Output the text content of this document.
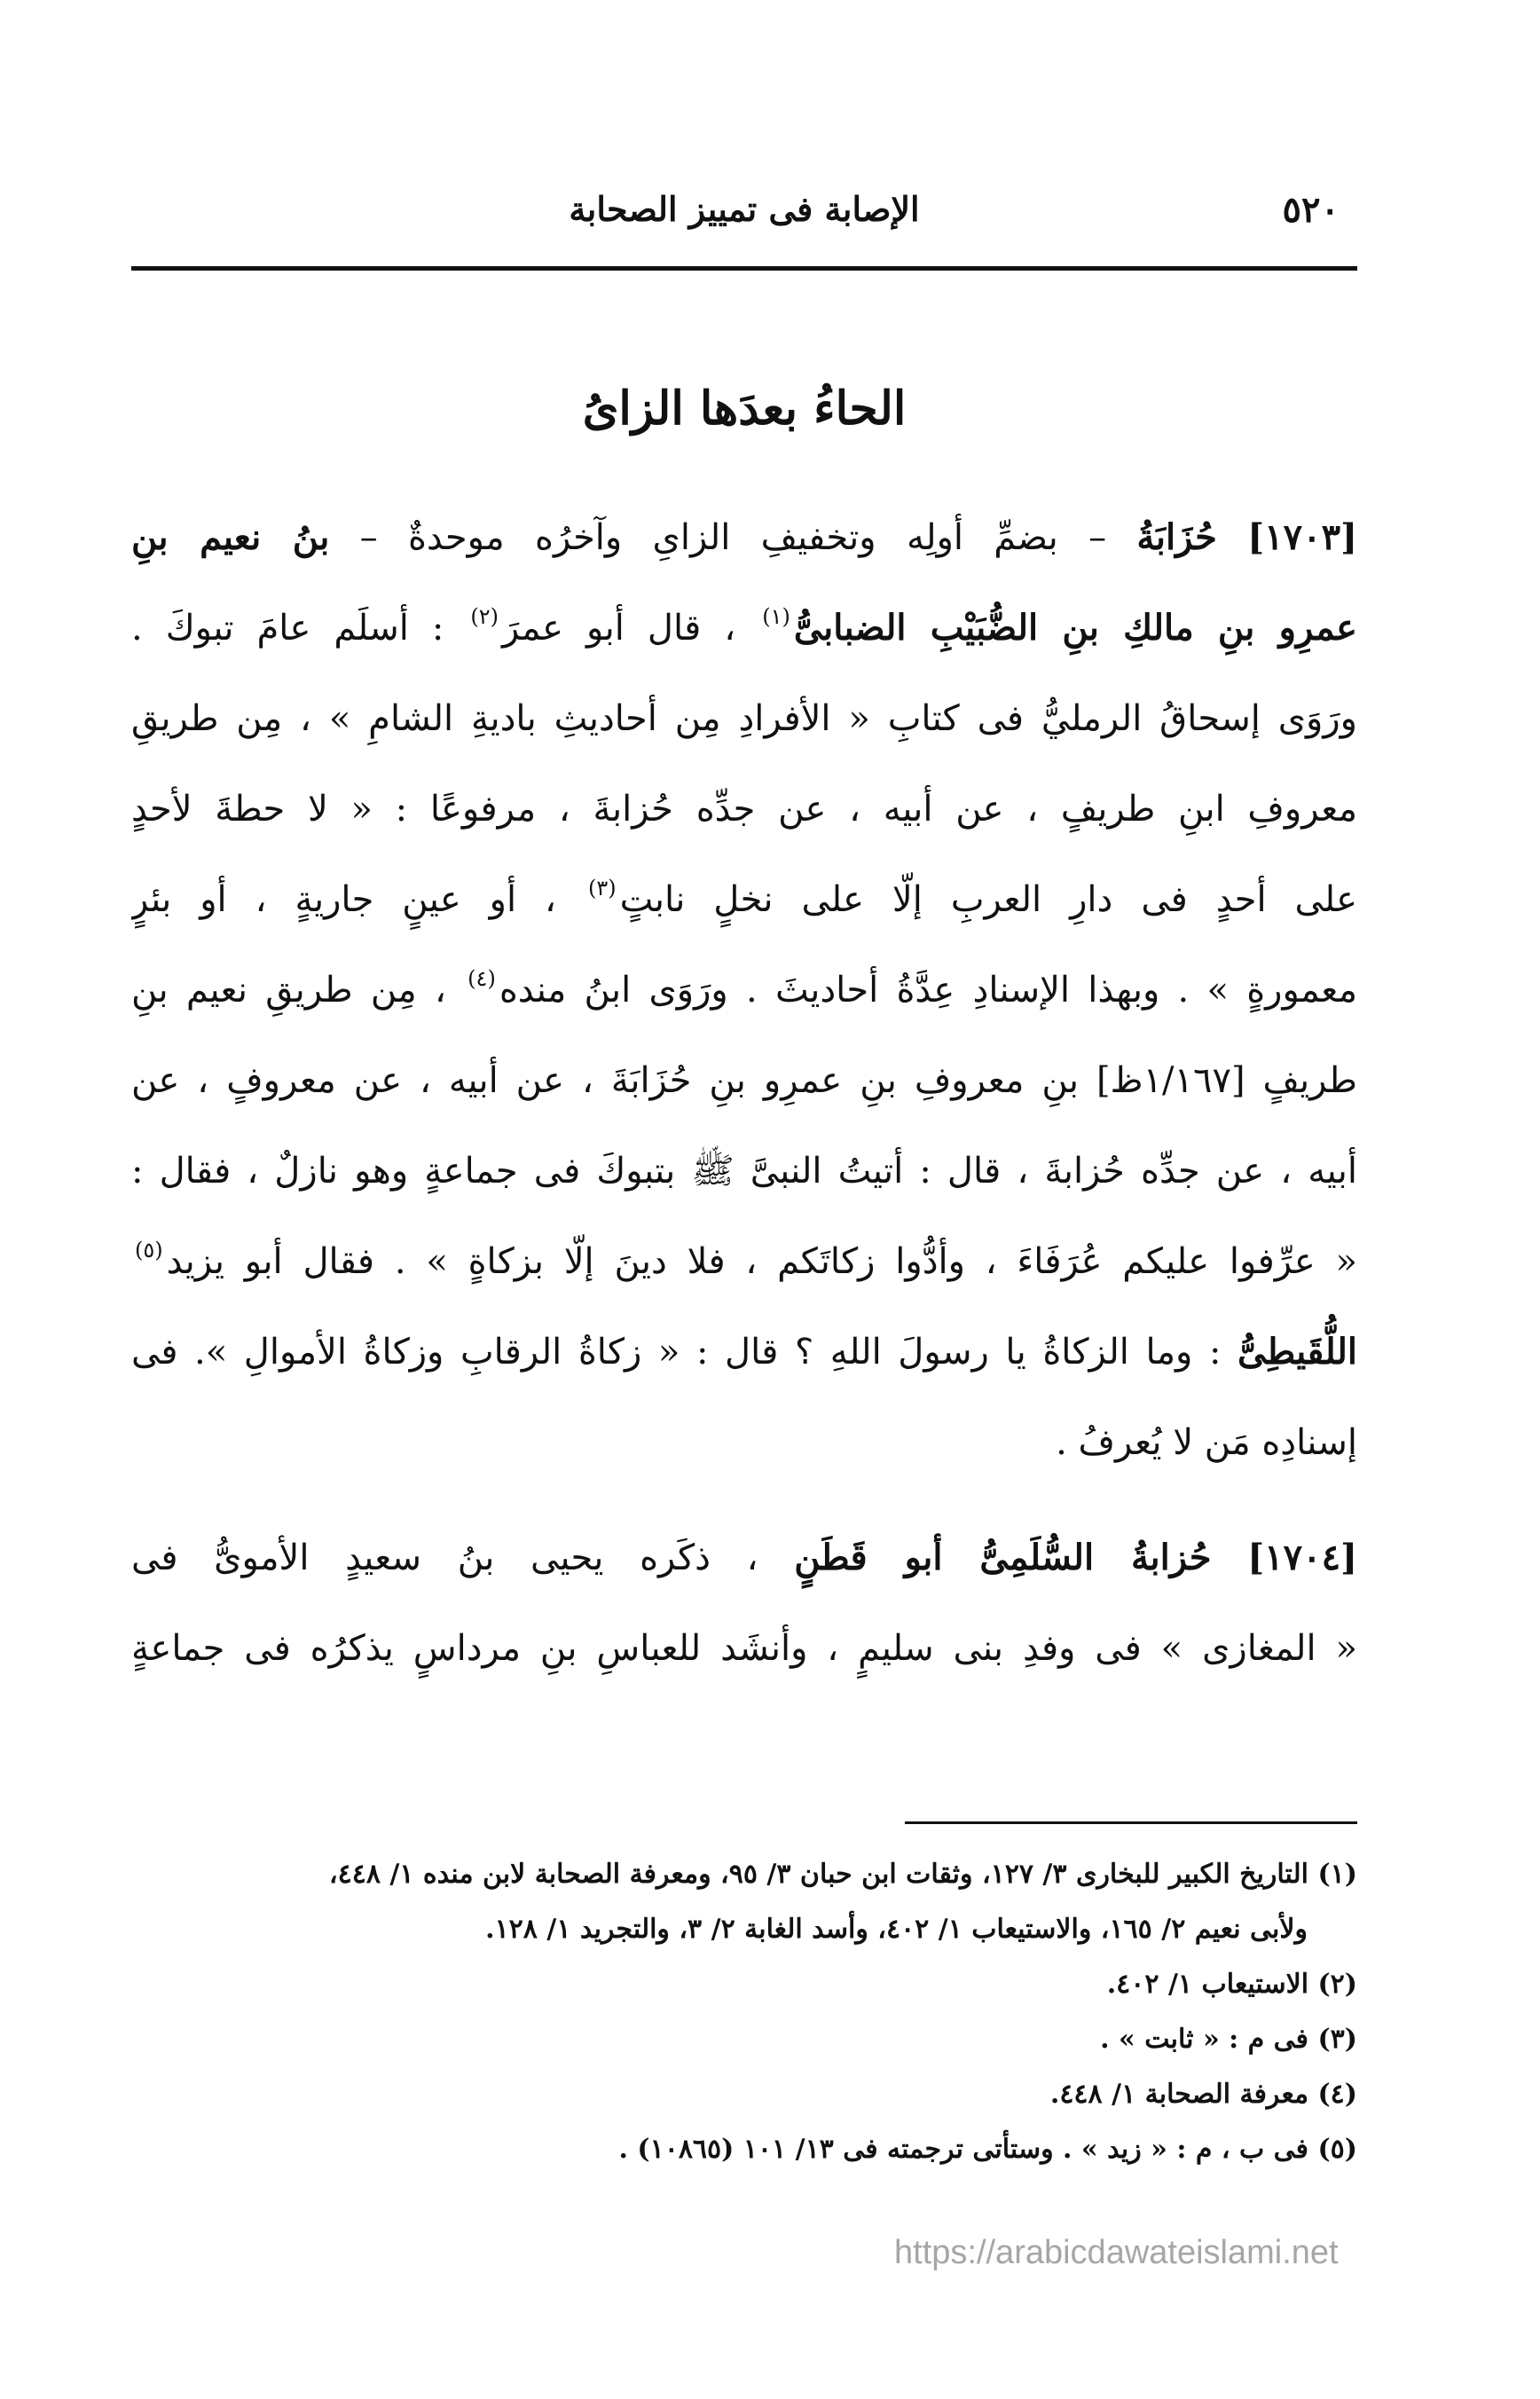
٥٢٠
الإصابة فى تمييز الصحابة
الحاءُ بعدَها الزاىُ
[١٧٠٣] حُزَابَةُ – بضمِّ أولِه وتخفيفِ الزاىِ وآخرُه موحدةٌ – بنُ نعيم بنِ
عمرِو بنِ مالكِ بنِ الضُّبَيْبِ الضبابىُّ$^{(١)}$ ، قال أبو عمرَ$^{(٢)}$ : أسلَم عامَ تبوكَ .
ورَوَى إسحاقُ الرمليُّ فى كتابِ « الأفرادِ مِن أحاديثِ باديةِ الشامِ » ، مِن طريقِ
معروفِ ابنِ طريفٍ ، عن أبيه ، عن جدِّه حُزابةَ ، مرفوعًا : « لا حطةَ لأحدٍ
على أحدٍ فى دارِ العربِ إلّا على نخلٍ نابتٍ$^{(٣)}$ ، أو عينٍ جاريةٍ ، أو بئرٍ
معمورةٍ » . وبهذا الإسنادِ عِدَّةُ أحاديثَ . ورَوَى ابنُ منده$^{(٤)}$ ، مِن طريقِ نعيم بنِ
طريفٍ [١/١٦٧ظ] بنِ معروفِ بنِ عمرِو بنِ حُزَابَةَ ، عن أبيه ، عن معروفٍ ، عن
أبيه ، عن جدِّه حُزابةَ ، قال : أتيتُ النبىَّ ﷺ بتبوكَ فى جماعةٍ وهو نازلٌ ، فقال :
« عرِّفوا عليكم عُرَفَاءَ ، وأدُّوا زكاتَكم ، فلا دينَ إلّا بزكاةٍ » . فقال أبو يزيد$^{(٥)}$
اللُّقَيطِىُّ : وما الزكاةُ يا رسولَ اللهِ ؟ قال : « زكاةُ الرقابِ وزكاةُ الأموالِ ». فى
إسنادِه مَن لا يُعرفُ .
[١٧٠٤] حُزابةُ السُّلَمِىُّ أبو قَطَنٍ ، ذكَره يحيى بنُ سعيدٍ الأموىُّ فى
« المغازى » فى وفدِ بنى سليمٍ ، وأنشَد للعباسِ بنِ مرداسٍ يذكرُه فى جماعةٍ
(١) التاريخ الكبير للبخارى ٣/ ١٢٧، وثقات ابن حبان ٣/ ٩٥، ومعرفة الصحابة لابن منده ١/ ٤٤٨،
ولأبى نعيم ٢/ ١٦٥، والاستيعاب ١/ ٤٠٢، وأسد الغابة ٢/ ٣، والتجريد ١/ ١٢٨.
(٢) الاستيعاب ١/ ٤٠٢.
(٣) فى م : « ثابت » .
(٤) معرفة الصحابة ١/ ٤٤٨.
(٥) فى ب ، م : « زيد » . وستأتى ترجمته فى ١٣/ ١٠١ (١٠٨٦٥) .
https://arabicdawateislami.net
